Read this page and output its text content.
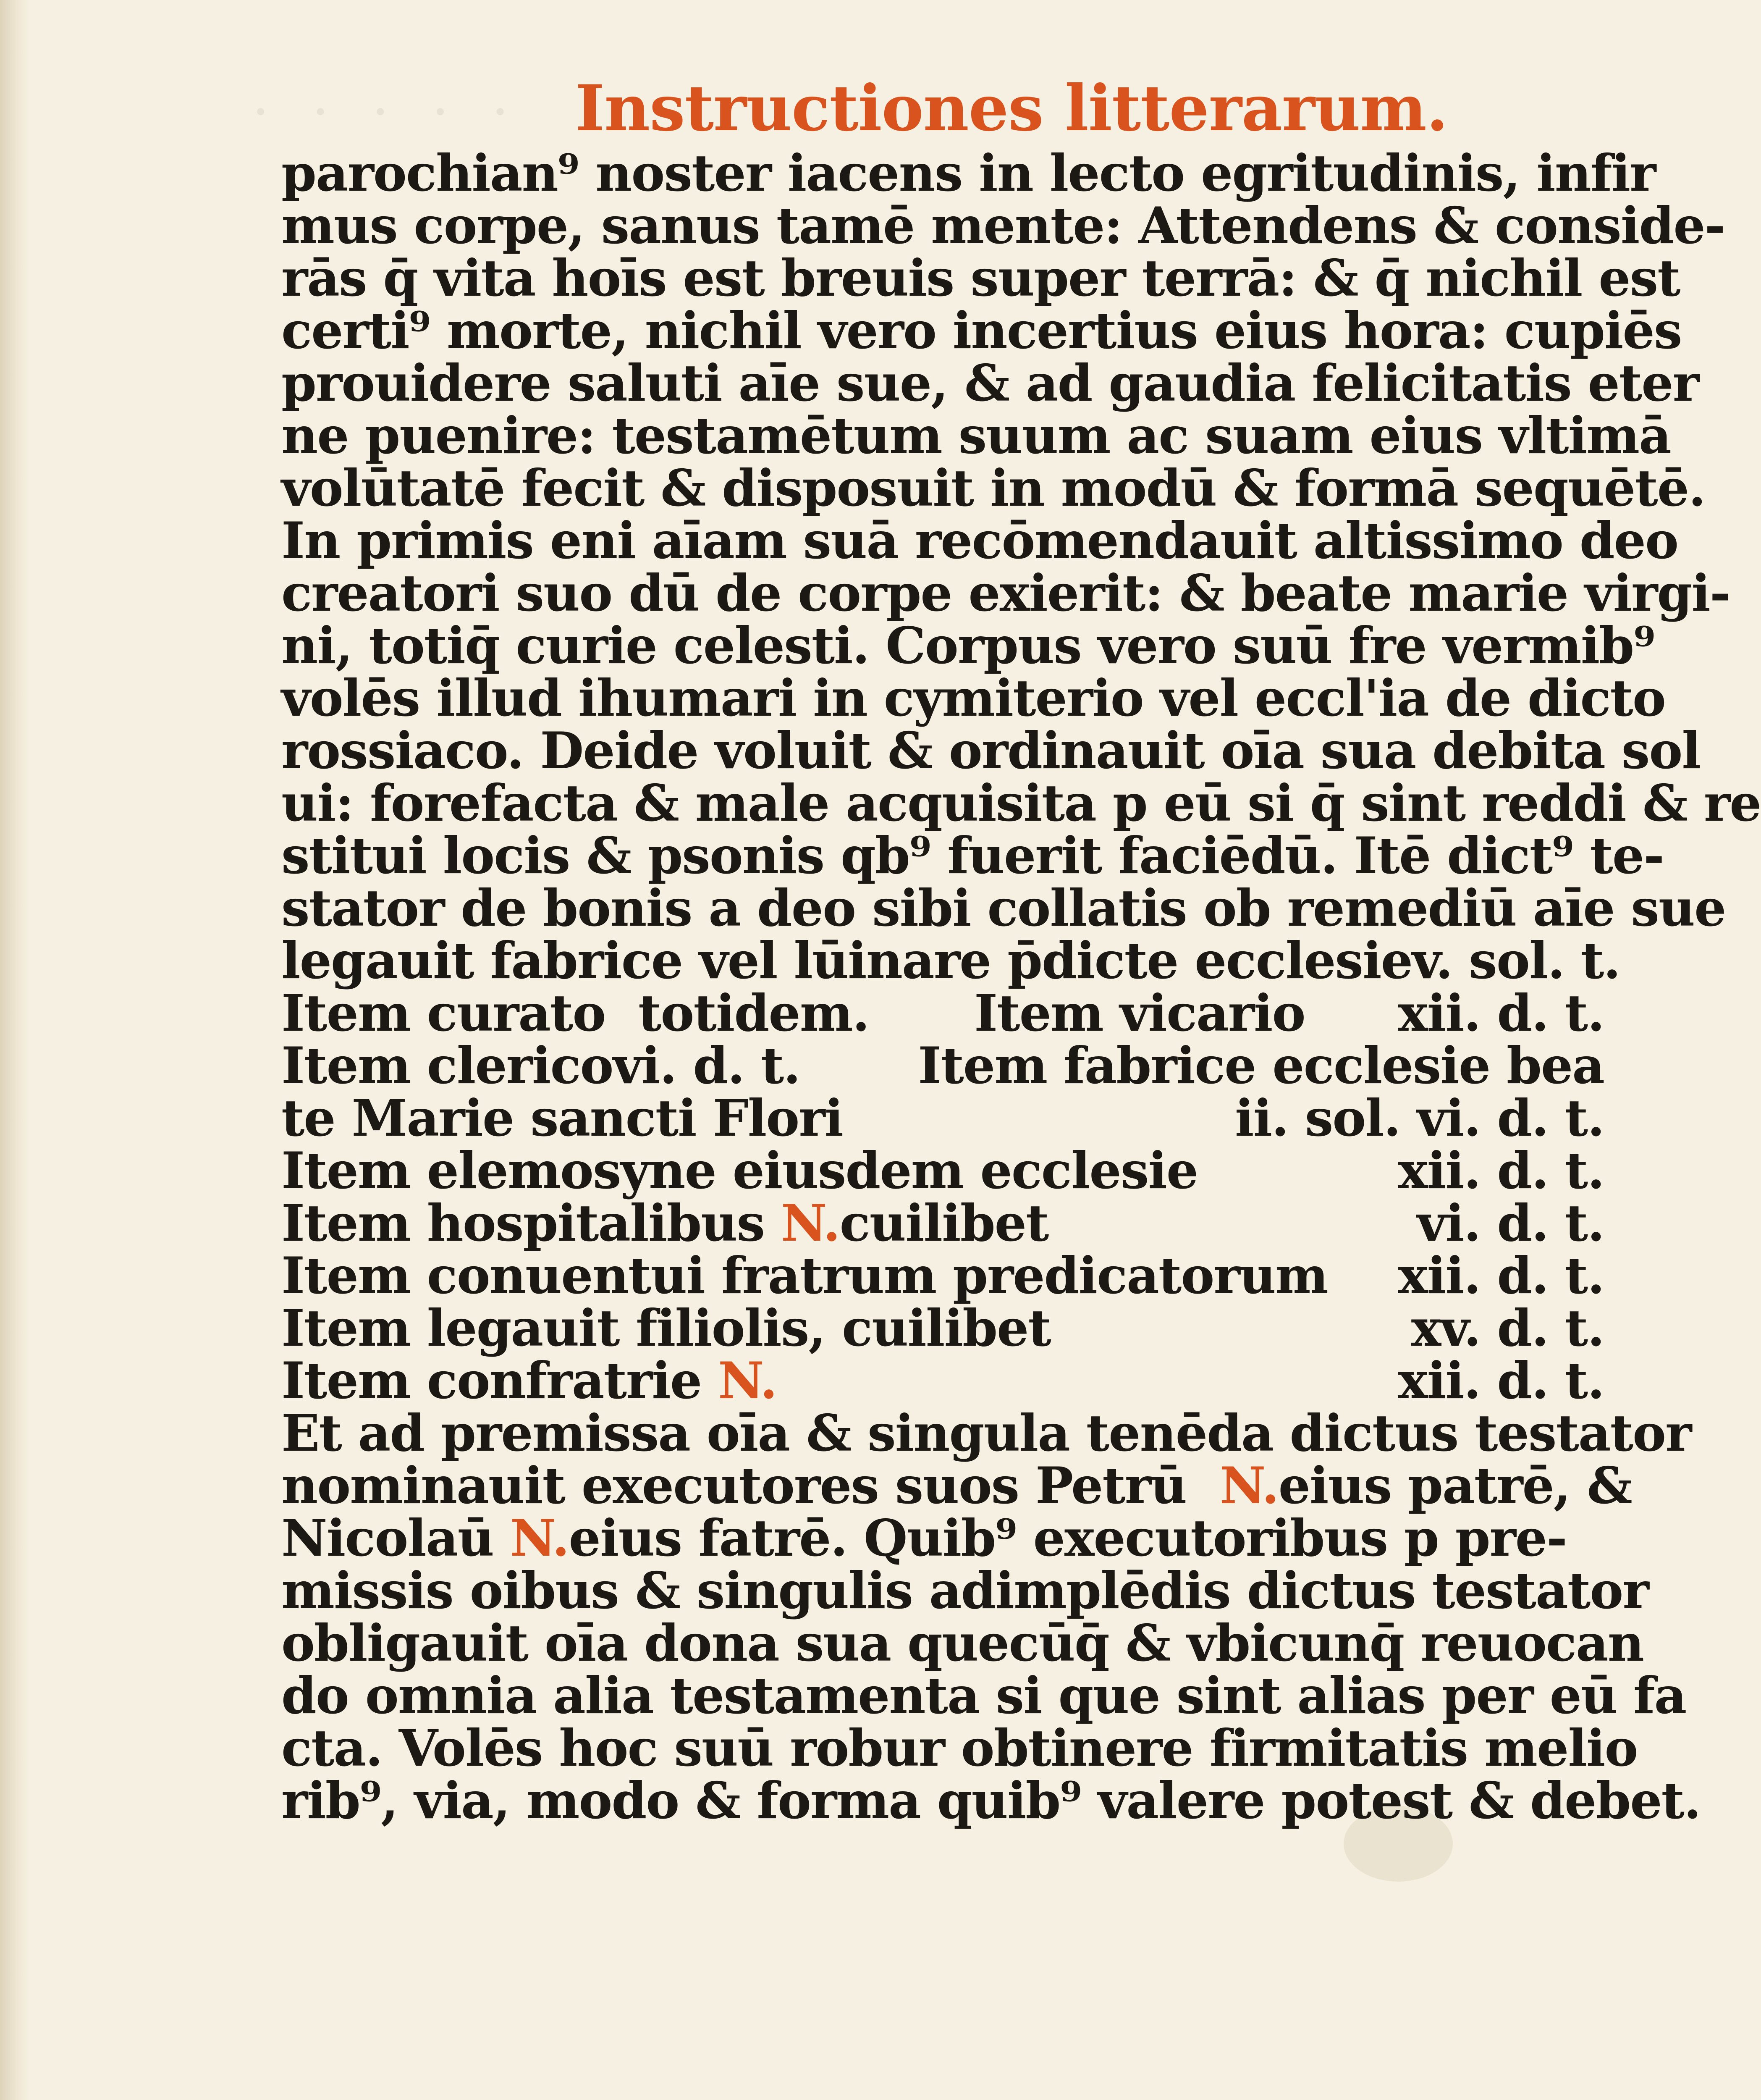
· · · · · Instructiones litterarum.
parochian⁹ noster iacens in lecto egritudinis, infir
mus corpe, sanus tamē mente: Attendens & conside-
rās q̄ vita hoīs est breuis super terrā: & q̄ nichil est
certi⁹ morte, nichil vero incertius eius hora: cupiēs
prouidere saluti aīe sue, & ad gaudia felicitatis eter
ne puenire: testamētum suum ac suam eius vltimā
volūtatē fecit & disposuit in modū & formā sequētē.
In primis eni aīam suā recōmendauit altissimo deo
creatori suo dū de corpe exierit: & beate marie virgi-
ni, totiq̄ curie celesti. Corpus vero suū fre vermib⁹
volēs illud ihumari in cymiterio vel eccl'ia de dicto
rossiaco. Deide voluit & ordinauit oīa sua debita sol
ui: forefacta & male acquisita p eū si q̄ sint reddi & re
stitui locis & psonis qb⁹ fuerit faciēdū. Itē dict⁹ te-
stator de bonis a deo sibi collatis ob remediū aīe sue
legauit fabrice vel lūinare p̄dicte ecclesie v. sol. t.
Item curato totidem.	Item vicario	xii. d. t.
Item clerico vi. d. t.	Item fabrice ecclesie bea
te Marie sancti Flori	ii. sol. vi. d. t.
Item elemosyne eiusdem ecclesie	xii. d. t.
Item hospitalibus N.cuilibet	vi. d. t.
Item conuentui fratrum predicatorum	xii. d. t.
Item legauit filiolis, cuilibet	xv. d. t.
Item confratrie N.	xii. d. t.
Et ad premissa oīa & singula tenēda dictus testator
nominauit executores suos Petrū
N. eius patrē, &
Nicolaū
N. eius fatrē. Quib⁹ executoribus p pre-
missis oibus & singulis adimplēdis dictus testator
obligauit oīa dona sua quecūq̄ & vbicunq̄ reuocan
do omnia alia testamenta si que sint alias per eū fa
cta. Volēs hoc suū robur obtinere firmitatis melio
rib⁹, via, modo & forma quib⁹ valere potest & debet.
